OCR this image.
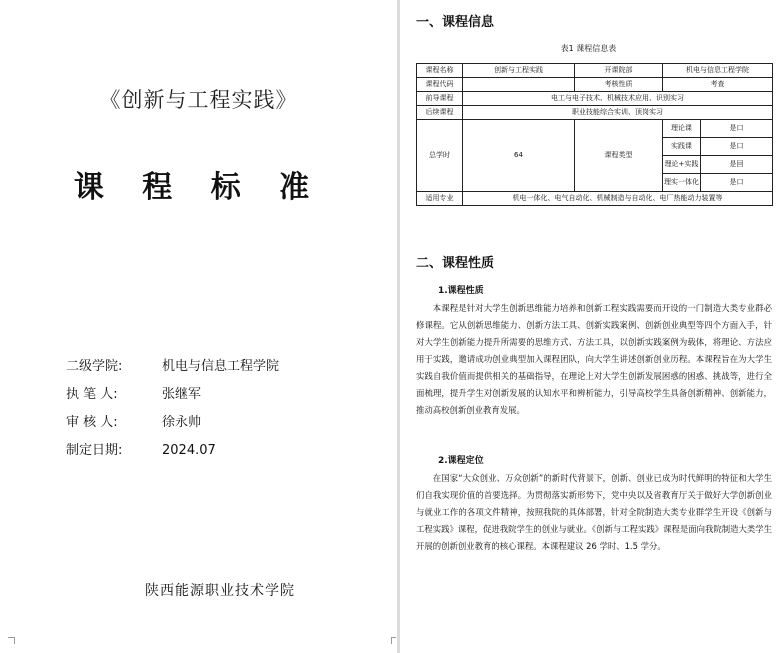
《创新与工程实践》
课 程 标 准
二级学院:	机电与信息工程学院
执 笔 人:	张继军
审 核 人:	徐永帅
制定日期:	2024.07
陕西能源职业技术学院
一、课程信息
表1 课程信息表
课程名称	创新与工程实践	开课院部	机电与信息工程学院	
课程代码		考核性质	考查	
前导课程	电工与电子技术、机械技术应用、识别实习			
后续课程	职业技能综合实训、顶岗实习			
总学时	64	课程类型	理论课	是口
			实践课	是口
			理论+实践	是回
			理实一体化	是口
适用专业	机电一体化、电气自动化、机械制造与自动化、电厂热能动力装置等			
二、课程性质
1.课程性质

本课程是针对大学生创新思维能力培养和创新工程实践需要而开设的一门制造大类专业群必修课程。它从创新思维能力、创新方法工具、创新实践案例、创新创业典型等四个方面入手，针对大学生创新能力提升所需要的思维方式、方法工具，以创新实践案例为载体，将理论、方法应用于实践，邀请成功创业典型加入课程团队，向大学生讲述创新创业历程。本课程旨在为大学生实践自我价值而提供相关的基础指导，在理论上对大学生创新发展困惑的困惑、挑战等，进行全面梳理，提升学生对创新发展的认知水平和辨析能力，引导高校学生具备创新精神、创新能力，推动高校创新创业教育发展。

2.课程定位

在国家“大众创业、万众创新”的新时代背景下，创新、创业已成为时代鲜明的特征和大学生们自我实现价值的首要选择。为贯彻落实新形势下，党中央以及省教育厅关于做好大学创新创业与就业工作的各项文件精神，按照我院的具体部署，针对全院制造大类专业群学生开设《创新与工程实践》课程，促进我院学生的创业与就业。《创新与工程实践》课程是面向我院制造大类学生开展的创新创业教育的核心课程。本课程建议 26 学时、1.5 学分。
